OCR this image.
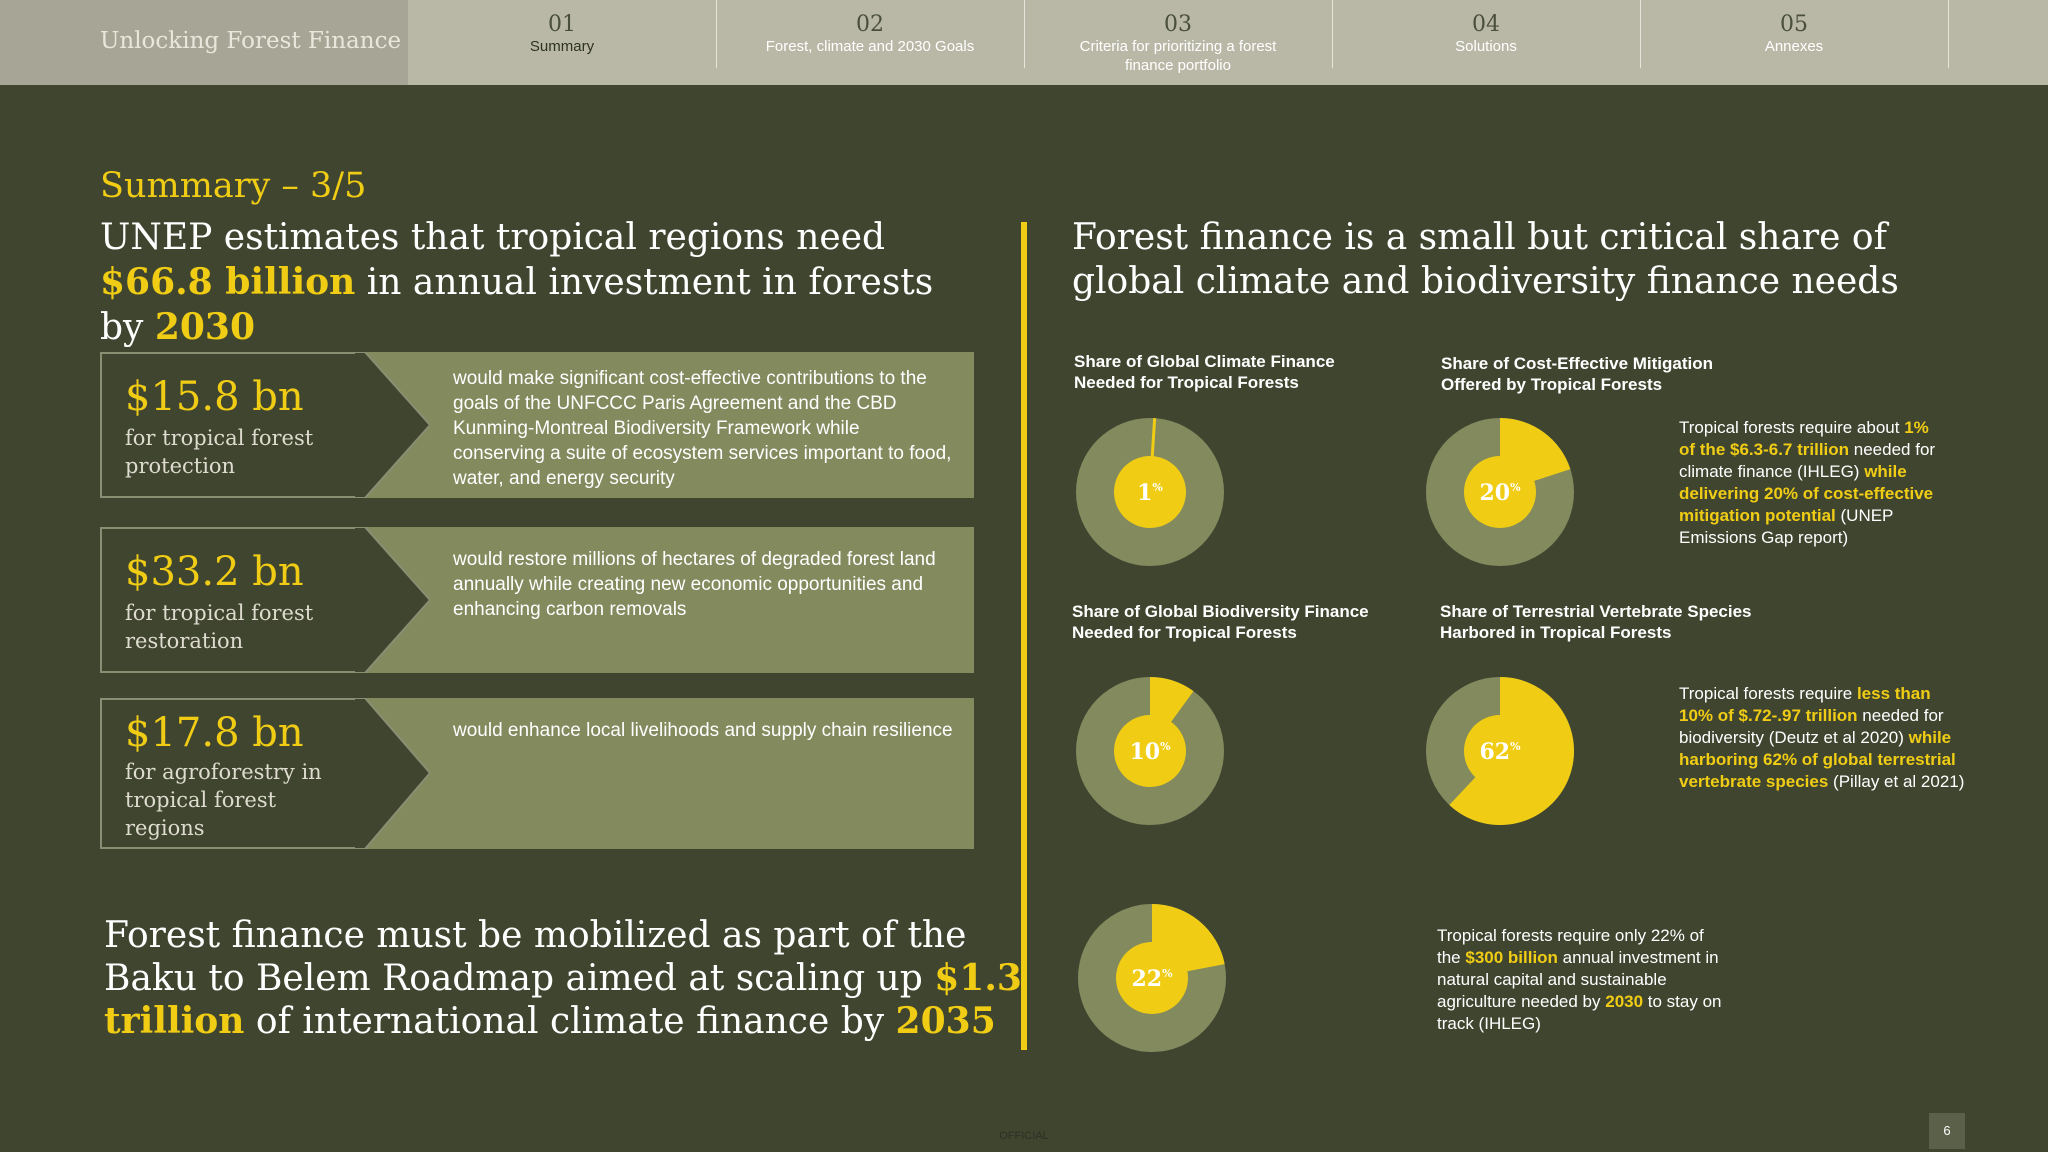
Unlocking Forest Finance
01
Summary
02
Forest, climate and 2030 Goals
03
Criteria for prioritizing a forest finance portfolio
04
Solutions
05
Annexes
Summary – 3/5
UNEP estimates that tropical regions need $66.8 billion in annual investment in forests by 2030
Forest finance is a small but critical share of global climate and biodiversity finance needs
$15.8 bn
for tropical forest protection
would make significant cost-effective contributions to the goals of the UNFCCC Paris Agreement and the CBD Kunming-Montreal Biodiversity Framework while conserving a suite of ecosystem services important to food, water, and energy security
$33.2 bn
for tropical forest restoration
would restore millions of hectares of degraded forest land annually while creating new economic opportunities and enhancing carbon removals
$17.8 bn
for agroforestry in tropical forest regions
would enhance local livelihoods and supply chain resilience
Forest finance must be mobilized as part of the Baku to Belem Roadmap aimed at scaling up $1.3 trillion of international climate finance by 2035
Share of Global Climate Finance Needed for Tropical Forests
Share of Cost-Effective Mitigation Offered by Tropical Forests
Share of Global Biodiversity Finance Needed for Tropical Forests
Share of Terrestrial Vertebrate Species Harbored in Tropical Forests
1%	20%
10%	62%
22%
Tropical forests require about 1% of the $6.3-6.7 trillion needed for climate finance (IHLEG) while delivering 20% of cost-effective mitigation potential (UNEP Emissions Gap report)
Tropical forests require less than 10% of $.72-.97 trillion needed for biodiversity (Deutz et al 2020) while harboring 62% of global terrestrial vertebrate species (Pillay et al 2021)
Tropical forests require only 22% of the $300 billion annual investment in natural capital and sustainable agriculture needed by 2030 to stay on track (IHLEG)
OFFICIAL	6
